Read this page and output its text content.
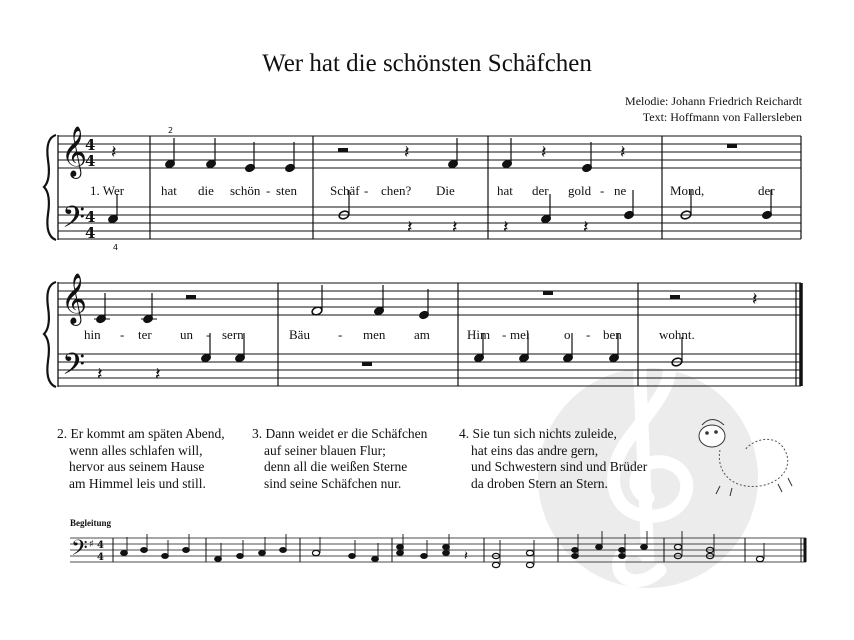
Wer hat die schönsten Schäfchen
Melodie: Johann Friedrich Reichardt
Text: Hoffmann von Fallersleben
𝄞
𝄢
𝄞
𝄢
4
4
4
4
2
4
𝄽	𝄽	𝄽	𝄽
𝄽 𝄽	𝄽	𝄽
𝄽
𝄽	𝄽
𝄢 ♯ 4
4	𝄽
1. Wer	hat die schön - sten	Schäf - chen? Die	hat der gold - ne	Mond,	der
hin - ter un - sern	Bäu - men am	Him - mel	o - ben	wohnt.
2. Er kommt am späten Abend,
wenn alles schlafen will,
hervor aus seinem Hause
am Himmel leis und still.
3. Dann weidet er die Schäfchen
auf seiner blauen Flur;
denn all die weißen Sterne
sind seine Schäfchen nur.
4. Sie tun sich nichts zuleide,
hat eins das andre gern,
und Schwestern sind und Brüder
da droben Stern an Stern.
Begleitung
